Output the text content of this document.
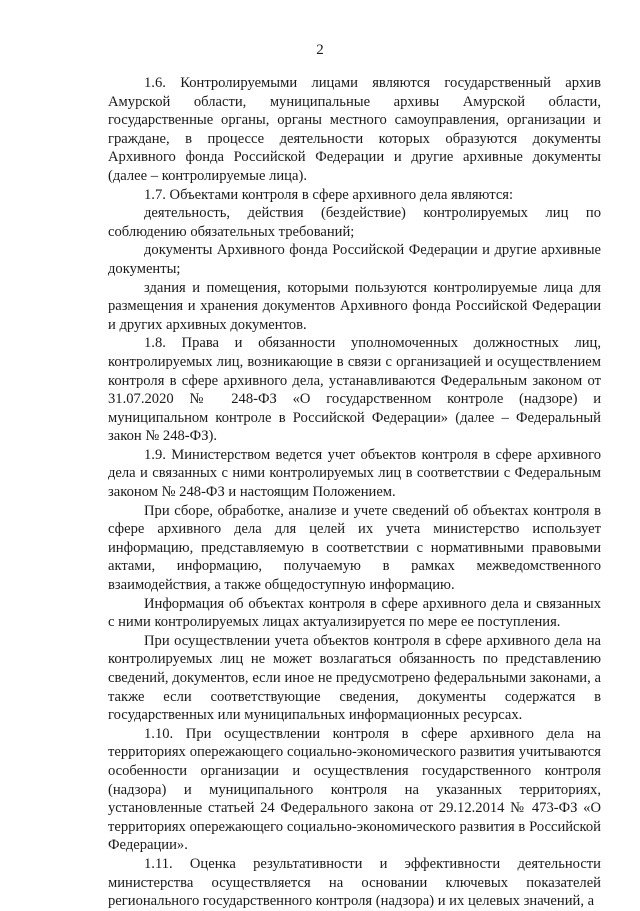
2

1.6. Контролируемыми лицами являются государственный архив Амурской области, муниципальные архивы Амурской области, государственные органы, органы местного самоуправления, организации и граждане, в процессе деятельности которых образуются документы Архивного фонда Российской Федерации и другие архивные документы (далее – контролируемые лица).

1.7. Объектами контроля в сфере архивного дела являются:

деятельность, действия (бездействие) контролируемых лиц по соблюдению обязательных требований;

документы Архивного фонда Российской Федерации и другие архивные документы;

здания и помещения, которыми пользуются контролируемые лица для размещения и хранения документов Архивного фонда Российской Федерации и других архивных документов.

1.8. Права и обязанности уполномоченных должностных лиц, контролируемых лиц, возникающие в связи с организацией и осуществлением контроля в сфере архивного дела, устанавливаются Федеральным законом от 31.07.2020 № 248-ФЗ «О государственном контроле (надзоре) и муниципальном контроле в Российской Федерации» (далее – Федеральный закон № 248-ФЗ).

1.9. Министерством ведется учет объектов контроля в сфере архивного дела и связанных с ними контролируемых лиц в соответствии с Федеральным законом № 248-ФЗ и настоящим Положением.

При сборе, обработке, анализе и учете сведений об объектах контроля в сфере архивного дела для целей их учета министерство использует информацию, представляемую в соответствии с нормативными правовыми актами, информацию, получаемую в рамках межведомственного взаимодействия, а также общедоступную информацию.

Информация об объектах контроля в сфере архивного дела и связанных с ними контролируемых лицах актуализируется по мере ее поступления.

При осуществлении учета объектов контроля в сфере архивного дела на контролируемых лиц не может возлагаться обязанность по представлению сведений, документов, если иное не предусмотрено федеральными законами, а также если соответствующие сведения, документы содержатся в государственных или муниципальных информационных ресурсах.

1.10. При осуществлении контроля в сфере архивного дела на территориях опережающего социально-экономического развития учитываются особенности организации и осуществления государственного контроля (надзора) и муниципального контроля на указанных территориях, установленные статьей 24 Федерального закона от 29.12.2014 № 473-ФЗ «О территориях опережающего социально-экономического развития в Российской Федерации».

1.11. Оценка результативности и эффективности деятельности министерства осуществляется на основании ключевых показателей регионального государственного контроля (надзора) и их целевых значений, а
